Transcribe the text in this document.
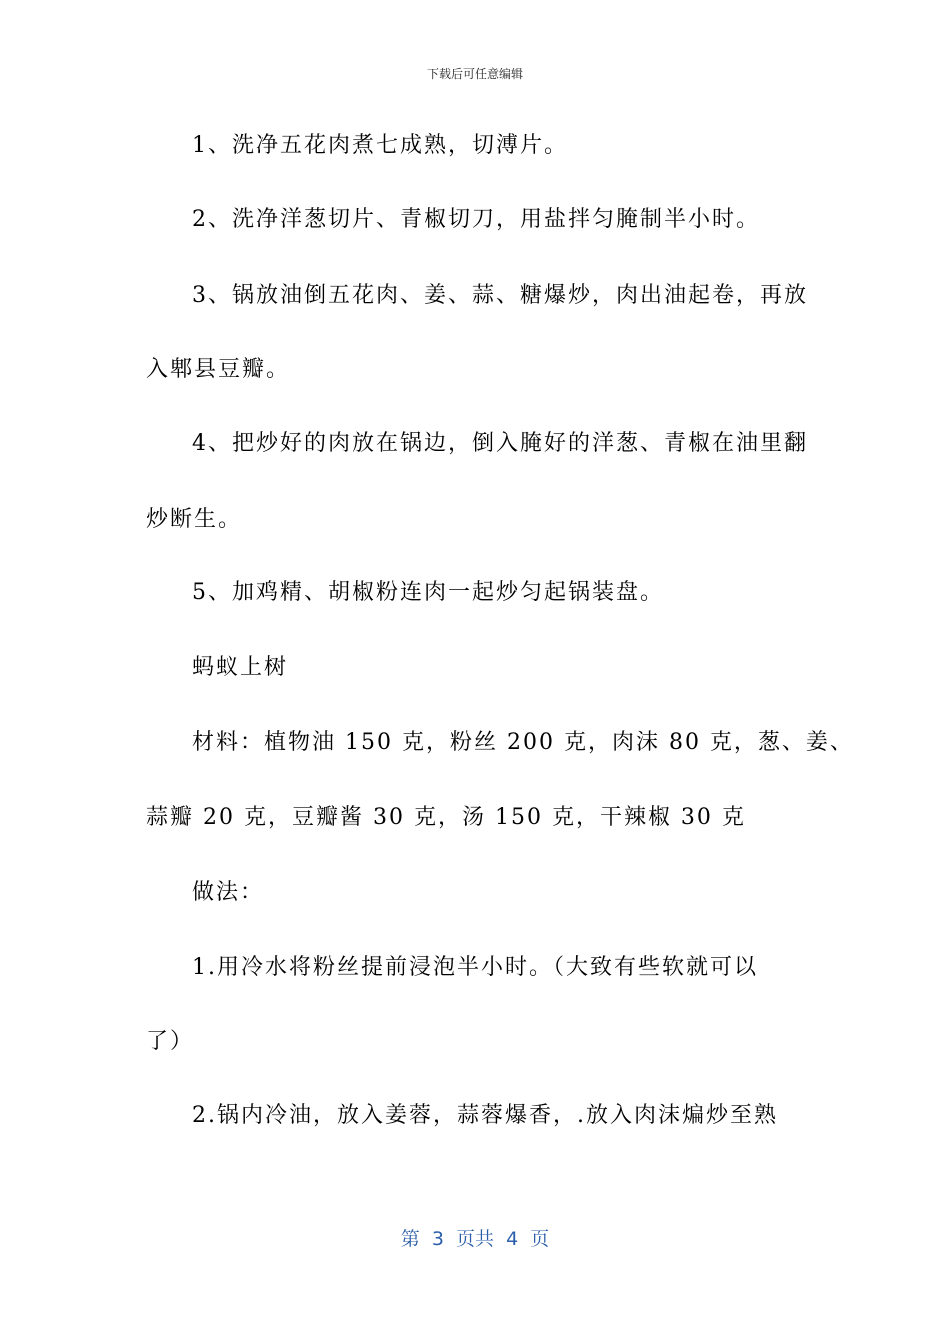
下载后可任意编辑
1、洗净五花肉煮七成熟，切溥片。
2、洗净洋葱切片、青椒切刀，用盐拌匀腌制半小时。
3、锅放油倒五花肉、姜、蒜、糖爆炒，肉出油起卷，再放
入郫县豆瓣。
4、把炒好的肉放在锅边，倒入腌好的洋葱、青椒在油里翻
炒断生。
5、加鸡精、胡椒粉连肉一起炒匀起锅装盘。
蚂蚁上树
材料：植物油 150 克，粉丝 200 克，肉沫 80 克，葱、姜、
蒜瓣 20 克，豆瓣酱 30 克，汤 150 克，干辣椒 30 克
做法：
1.用冷水将粉丝提前浸泡半小时。（大致有些软就可以
了）
2.锅内冷油，放入姜蓉，蒜蓉爆香，.放入肉沫煸炒至熟
第  3  页共  4  页
